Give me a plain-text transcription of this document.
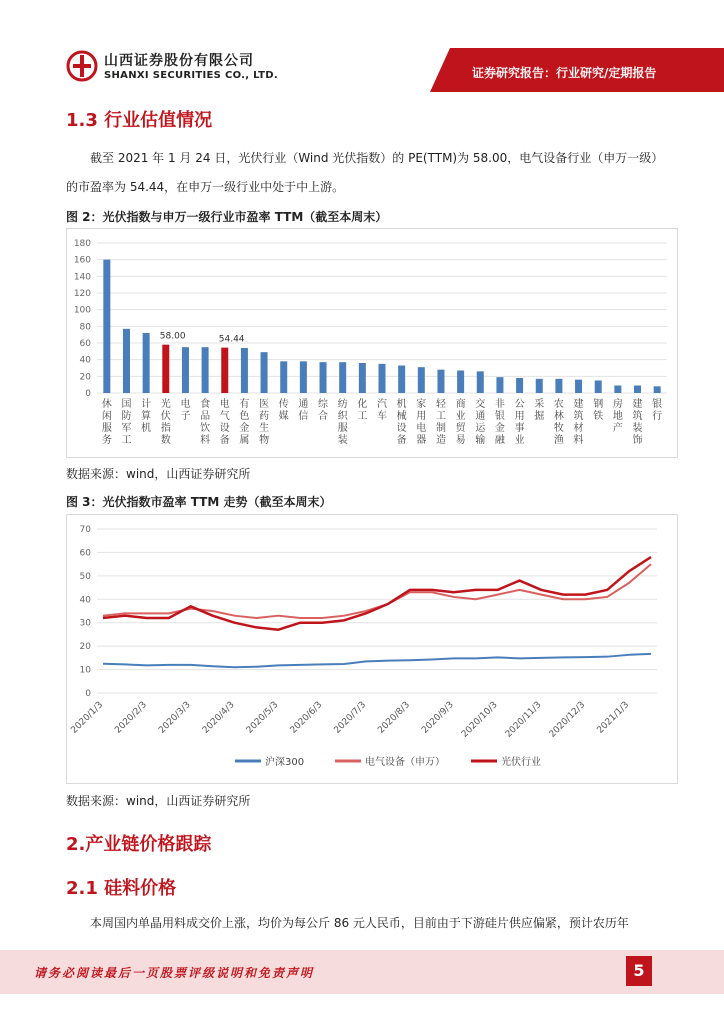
山西证券股份有限公司
SHANXI SECURITIES CO., LTD.	证券研究报告：行业研究/定期报告
1.3 行业估值情况
截至 2021 年 1 月 24 日，光伏行业（Wind 光伏指数）的 PE(TTM)为 58.00，电气设备行业（申万一级）
的市盈率为 54.44，在申万一级行业中处于中上游。
图 2：光伏指数与申万一级行业市盈率 TTM（截至本周末）
0
20
40
60
80
100
120
140
160
180
休闲服务
国防军工
计算机
58.00
光伏指数
电子
食品饮料
54.44
电气设备
有色金属
医药生物
传媒
通信
综合
纺织服装
化工
汽车
机械设备
家用电器
轻工制造
商业贸易
交通运输
非银金融
公用事业
采掘
农林牧渔
建筑材料
钢铁
房地产
建筑装饰
银行
数据来源：wind，山西证券研究所
图 3：光伏指数市盈率 TTM 走势（截至本周末）
0
10
20
30
40
50
60
70
2020/1/3 2020/2/3 2020/3/3 2020/4/3 2020/5/3 2020/6/3 2020/7/3 2020/8/3 2020/9/3 2020/10/3 2020/11/3 2020/12/3 2021/1/3
沪深300	电气设备（申万）	光伏行业
数据来源：wind，山西证券研究所
2.产业链价格跟踪
2.1 硅料价格
本周国内单晶用料成交价上涨，均价为每公斤 86 元人民币，目前由于下游硅片供应偏紧，预计农历年
请务必阅读最后一页股票评级说明和免责声明	5
